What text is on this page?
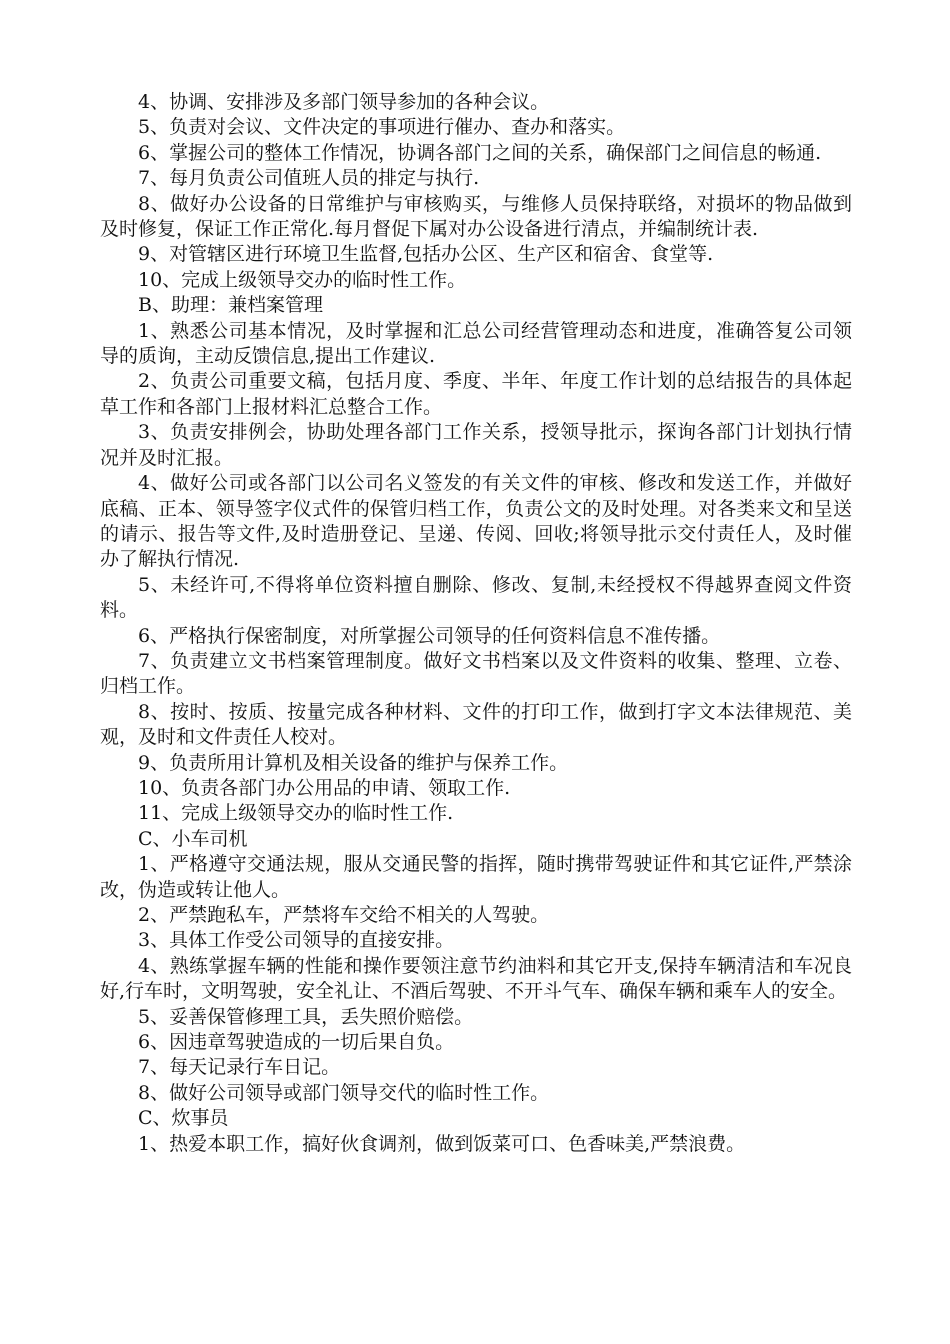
4、协调、安排涉及多部门领导参加的各种会议。

5、负责对会议、文件决定的事项进行催办、查办和落实。

6、掌握公司的整体工作情况，协调各部门之间的关系，确保部门之间信息的畅通.

7、每月负责公司值班人员的排定与执行.

8、做好办公设备的日常维护与审核购买，与维修人员保持联络，对损坏的物品做到及时修复，保证工作正常化.每月督促下属对办公设备进行清点，并编制统计表.

9、对管辖区进行环境卫生监督,包括办公区、生产区和宿舍、食堂等.

10、完成上级领导交办的临时性工作。

B、助理：兼档案管理

1、熟悉公司基本情况，及时掌握和汇总公司经营管理动态和进度，准确答复公司领导的质询，主动反馈信息,提出工作建议.

2、负责公司重要文稿，包括月度、季度、半年、年度工作计划的总结报告的具体起草工作和各部门上报材料汇总整合工作。

3、负责安排例会，协助处理各部门工作关系，授领导批示，探询各部门计划执行情况并及时汇报。

4、做好公司或各部门以公司名义签发的有关文件的审核、修改和发送工作，并做好底稿、正本、领导签字仪式件的保管归档工作，负责公文的及时处理。对各类来文和呈送的请示、报告等文件,及时造册登记、呈递、传阅、回收;将领导批示交付责任人，及时催办了解执行情况.

5、未经许可,不得将单位资料擅自删除、修改、复制,未经授权不得越界查阅文件资料。

6、严格执行保密制度，对所掌握公司领导的任何资料信息不准传播。

7、负责建立文书档案管理制度。做好文书档案以及文件资料的收集、整理、立卷、归档工作。

8、按时、按质、按量完成各种材料、文件的打印工作，做到打字文本法律规范、美观，及时和文件责任人校对。

9、负责所用计算机及相关设备的维护与保养工作。

10、负责各部门办公用品的申请、领取工作.

11、完成上级领导交办的临时性工作.

C、小车司机

1、严格遵守交通法规，服从交通民警的指挥，随时携带驾驶证件和其它证件,严禁涂改，伪造或转让他人。

2、严禁跑私车，严禁将车交给不相关的人驾驶。

3、具体工作受公司领导的直接安排。

4、熟练掌握车辆的性能和操作要领注意节约油料和其它开支,保持车辆清洁和车况良好,行车时，文明驾驶，安全礼让、不酒后驾驶、不开斗气车、确保车辆和乘车人的安全。

5、妥善保管修理工具，丢失照价赔偿。

6、因违章驾驶造成的一切后果自负。

7、每天记录行车日记。

8、做好公司领导或部门领导交代的临时性工作。

C、炊事员

1、热爱本职工作，搞好伙食调剂，做到饭菜可口、色香味美,严禁浪费。
